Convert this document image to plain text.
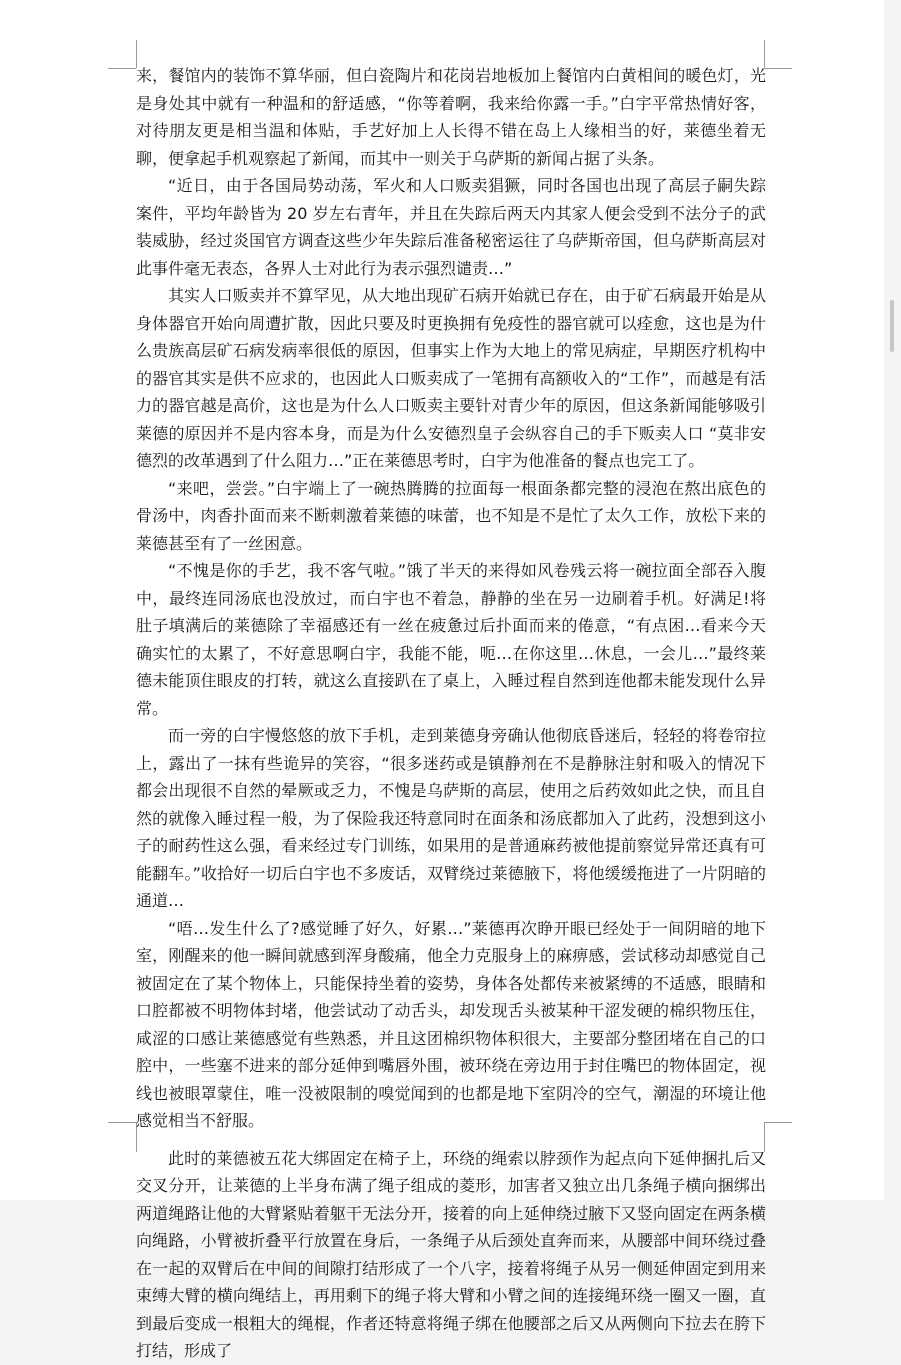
来，餐馆内的装饰不算华丽，但白瓷陶片和花岗岩地板加上餐馆内白黄相间的暖色灯，光是身处其中就有一种温和的舒适感，“你等着啊，我来给你露一手。”白宇平常热情好客，对待朋友更是相当温和体贴，手艺好加上人长得不错在岛上人缘相当的好，莱德坐着无聊，便拿起手机观察起了新闻，而其中一则关于乌萨斯的新闻占据了头条。

“近日，由于各国局势动荡，军火和人口贩卖猖獗，同时各国也出现了高层子嗣失踪案件，平均年龄皆为 20 岁左右青年，并且在失踪后两天内其家人便会受到不法分子的武装威胁，经过炎国官方调查这些少年失踪后准备秘密运往了乌萨斯帝国，但乌萨斯高层对此事件毫无表态，各界人士对此行为表示强烈谴责…”

其实人口贩卖并不算罕见，从大地出现矿石病开始就已存在，由于矿石病最开始是从身体器官开始向周遭扩散，因此只要及时更换拥有免疫性的器官就可以痊愈，这也是为什么贵族高层矿石病发病率很低的原因，但事实上作为大地上的常见病症，早期医疗机构中的器官其实是供不应求的，也因此人口贩卖成了一笔拥有高额收入的“工作”，而越是有活力的器官越是高价，这也是为什么人口贩卖主要针对青少年的原因，但这条新闻能够吸引莱德的原因并不是内容本身，而是为什么安德烈皇子会纵容自己的手下贩卖人口 “莫非安德烈的改革遇到了什么阻力…”正在莱德思考时，白宇为他准备的餐点也完工了。

“来吧，尝尝。”白宇端上了一碗热腾腾的拉面每一根面条都完整的浸泡在熬出底色的骨汤中，肉香扑面而来不断刺激着莱德的味蕾，也不知是不是忙了太久工作，放松下来的莱德甚至有了一丝困意。

“不愧是你的手艺，我不客气啦。”饿了半天的来得如风卷残云将一碗拉面全部吞入腹中，最终连同汤底也没放过，而白宇也不着急，静静的坐在另一边刷着手机。好满足!将肚子填满后的莱德除了幸福感还有一丝在疲惫过后扑面而来的倦意，“有点困…看来今天确实忙的太累了，不好意思啊白宇，我能不能，呃…在你这里…休息，一会儿…”最终莱德未能顶住眼皮的打转，就这么直接趴在了桌上，入睡过程自然到连他都未能发现什么异常。

而一旁的白宇慢悠悠的放下手机，走到莱德身旁确认他彻底昏迷后，轻轻的将卷帘拉上，露出了一抹有些诡异的笑容，“很多迷药或是镇静剂在不是静脉注射和吸入的情况下都会出现很不自然的晕厥或乏力，不愧是乌萨斯的高层，使用之后药效如此之快，而且自然的就像入睡过程一般，为了保险我还特意同时在面条和汤底都加入了此药，没想到这小子的耐药性这么强，看来经过专门训练，如果用的是普通麻药被他提前察觉异常还真有可能翻车。”收拾好一切后白宇也不多废话，双臂绕过莱德腋下，将他缓缓拖进了一片阴暗的通道…

“唔…发生什么了?感觉睡了好久，好累…”莱德再次睁开眼已经处于一间阴暗的地下室，刚醒来的他一瞬间就感到浑身酸痛，他全力克服身上的麻痹感，尝试移动却感觉自己被固定在了某个物体上，只能保持坐着的姿势，身体各处都传来被紧缚的不适感，眼睛和口腔都被不明物体封堵，他尝试动了动舌头，却发现舌头被某种干涩发硬的棉织物压住，咸涩的口感让莱德感觉有些熟悉，并且这团棉织物体积很大，主要部分整团堵在自己的口腔中，一些塞不进来的部分延伸到嘴唇外围，被环绕在旁边用于封住嘴巴的物体固定，视线也被眼罩蒙住，唯一没被限制的嗅觉闻到的也都是地下室阴冷的空气，潮湿的环境让他感觉相当不舒服。

此时的莱德被五花大绑固定在椅子上，环绕的绳索以脖颈作为起点向下延伸捆扎后又交叉分开，让莱德的上半身布满了绳子组成的菱形，加害者又独立出几条绳子横向捆绑出两道绳路让他的大臂紧贴着躯干无法分开，接着的向上延伸绕过腋下又竖向固定在两条横向绳路，小臂被折叠平行放置在身后，一条绳子从后颈处直奔而来，从腰部中间环绕过叠在一起的双臂后在中间的间隙打结形成了一个八字，接着将绳子从另一侧延伸固定到用来束缚大臂的横向绳结上，再用剩下的绳子将大臂和小臂之间的连接绳环绕一圈又一圈，直到最后变成一根粗大的绳棍，作者还特意将绳子绑在他腰部之后又从两侧向下拉去在胯下打结，形成了
